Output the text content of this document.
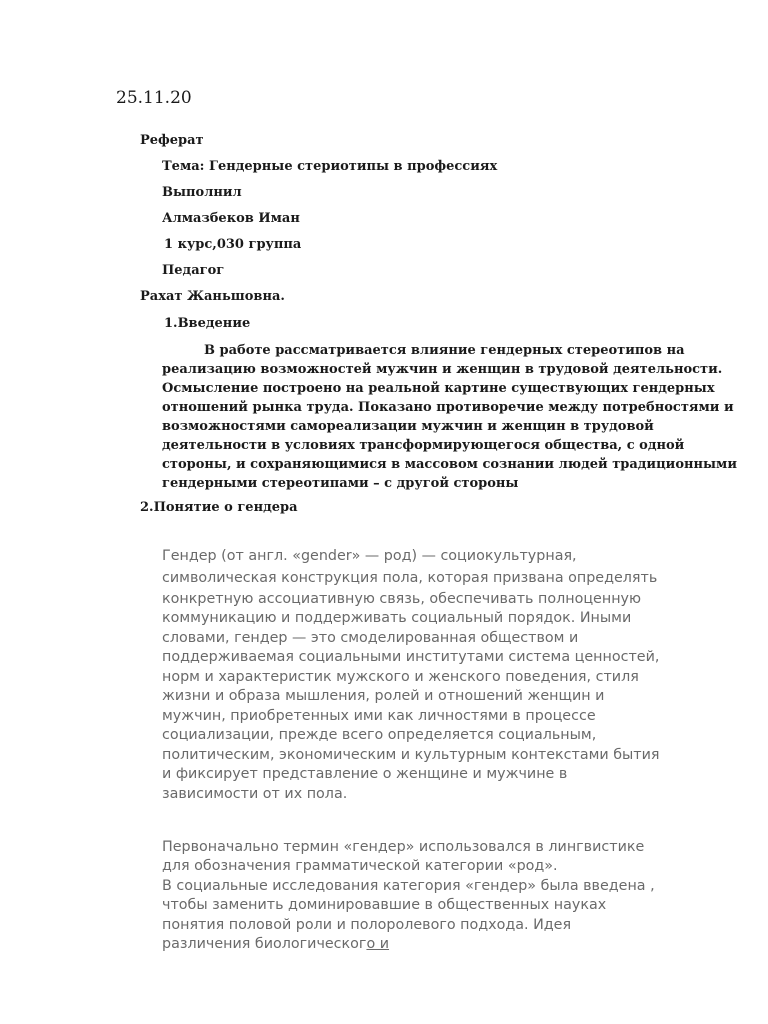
25.11.20
Реферат
Тема: Гендерные стериотипы в профессиях
Выполнил
Алмазбеков Иман
1 курс,030 группа
Педагог
Рахат Жаньшовна.
1.Введение
В работе рассматривается влияние гендерных стереотипов на
реализацию возможностей мужчин и женщин в трудовой деятельности.
Осмысление построено на реальной картине существующих гендерных
отношений рынка труда. Показано противоречие между потребностями и
возможностями самореализации мужчин и женщин в трудовой
деятельности в условиях трансформирующегося общества, с одной
стороны, и сохраняющимися в массовом сознании людей традиционными
гендерными стереотипами – с другой стороны
2.Понятие о гендера
Гендер (от англ. «gender» — род) — социокультурная,
символическая конструкция пола, которая призвана определять
конкретную ассоциативную связь, обеспечивать полноценную
коммуникацию и поддерживать социальный порядок. Иными
словами, гендер — это смоделированная обществом и
поддерживаемая социальными институтами система ценностей,
норм и характеристик мужского и женского поведения, стиля
жизни и образа мышления, ролей и отношений женщин и
мужчин, приобретенных ими как личностями в процессе
социализации, прежде всего определяется социальным,
политическим, экономическим и культурным контекстами бытия
и фиксирует представление о женщине и мужчине в
зависимости от их пола.
Первоначально термин «гендер» использовался в лингвистике
для обозначения грамматической категории «род».
В социальные исследования категория «гендер» была введена ,
чтобы заменить доминировавшие в общественных науках
понятия половой роли и полоролевого подхода. Идея
различения биологического и
